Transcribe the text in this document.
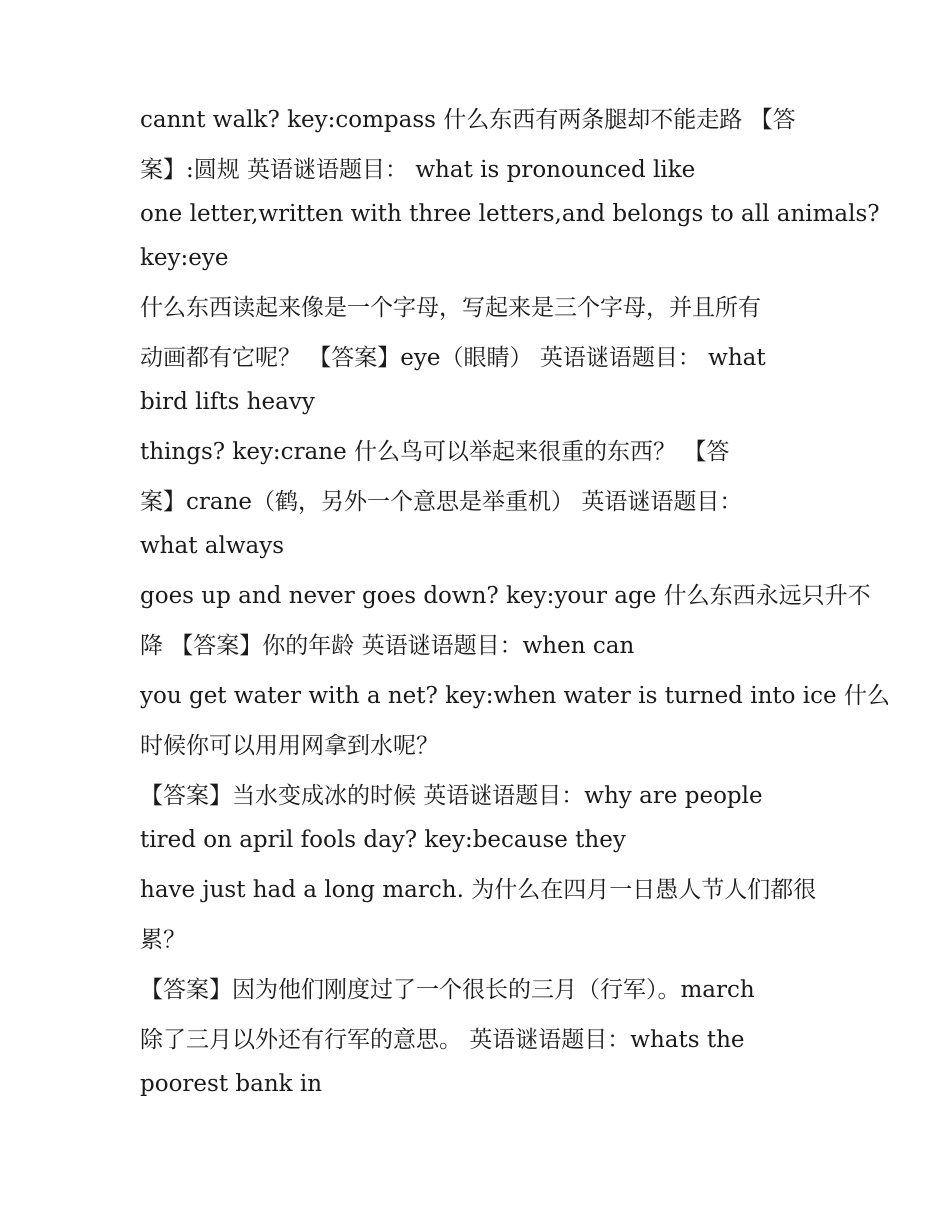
cannt walk? key:compass 什么东西有两条腿却不能走路 【答
案】:圆规 英语谜语题目： what is pronounced like
one letter,written with three letters,and belongs to all animals?
key:eye
什么东西读起来像是一个字母，写起来是三个字母，并且所有
动画都有它呢？ 【答案】eye（眼睛） 英语谜语题目： what
bird lifts heavy
things? key:crane 什么鸟可以举起来很重的东西？ 【答
案】crane（鹤，另外一个意思是举重机） 英语谜语题目：
what always
goes up and never goes down? key:your age 什么东西永远只升不
降 【答案】你的年龄 英语谜语题目：when can
you get water with a net? key:when water is turned into ice 什么
时候你可以用用网拿到水呢？
【答案】当水变成冰的时候 英语谜语题目：why are people
tired on april fools day? key:because they
have just had a long march. 为什么在四月一日愚人节人们都很
累？
【答案】因为他们刚度过了一个很长的三月（行军）。march
除了三月以外还有行军的意思。 英语谜语题目：whats the
poorest bank in
